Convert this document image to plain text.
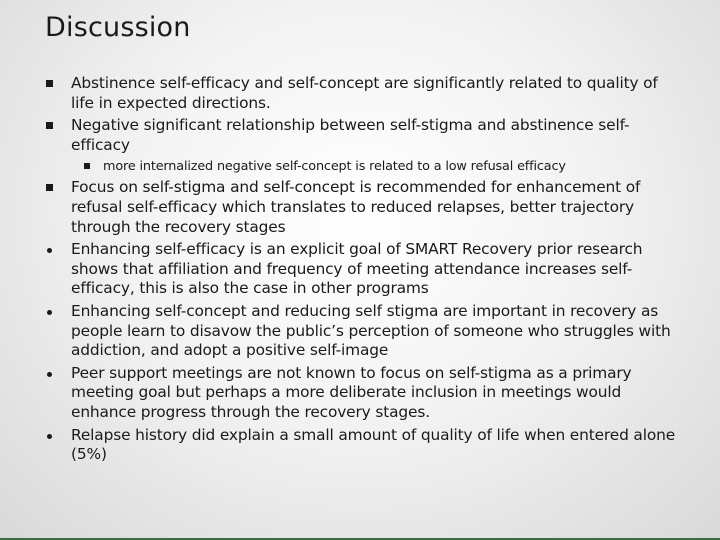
Discussion
Abstinence self-efficacy and self-concept are significantly related to quality of life in expected directions.
Negative significant relationship between self-stigma and abstinence self-efficacy
more internalized negative self-concept is related to a low refusal efficacy
Focus on self-stigma and self-concept is recommended for enhancement of refusal self-efficacy which translates to reduced relapses, better trajectory through the recovery stages
Enhancing self-efficacy is an explicit goal of SMART Recovery prior research shows that affiliation and frequency of meeting attendance increases self-efficacy, this is also the case in other programs
Enhancing self-concept and reducing self stigma are important in recovery as people learn to disavow the public’s perception of someone who struggles with addiction, and adopt a positive self-image
Peer support meetings are not known to focus on self-stigma as a primary meeting goal but perhaps a more deliberate inclusion in meetings would enhance progress through the recovery stages.
Relapse history did explain a small amount of quality of life when entered alone (5%)
